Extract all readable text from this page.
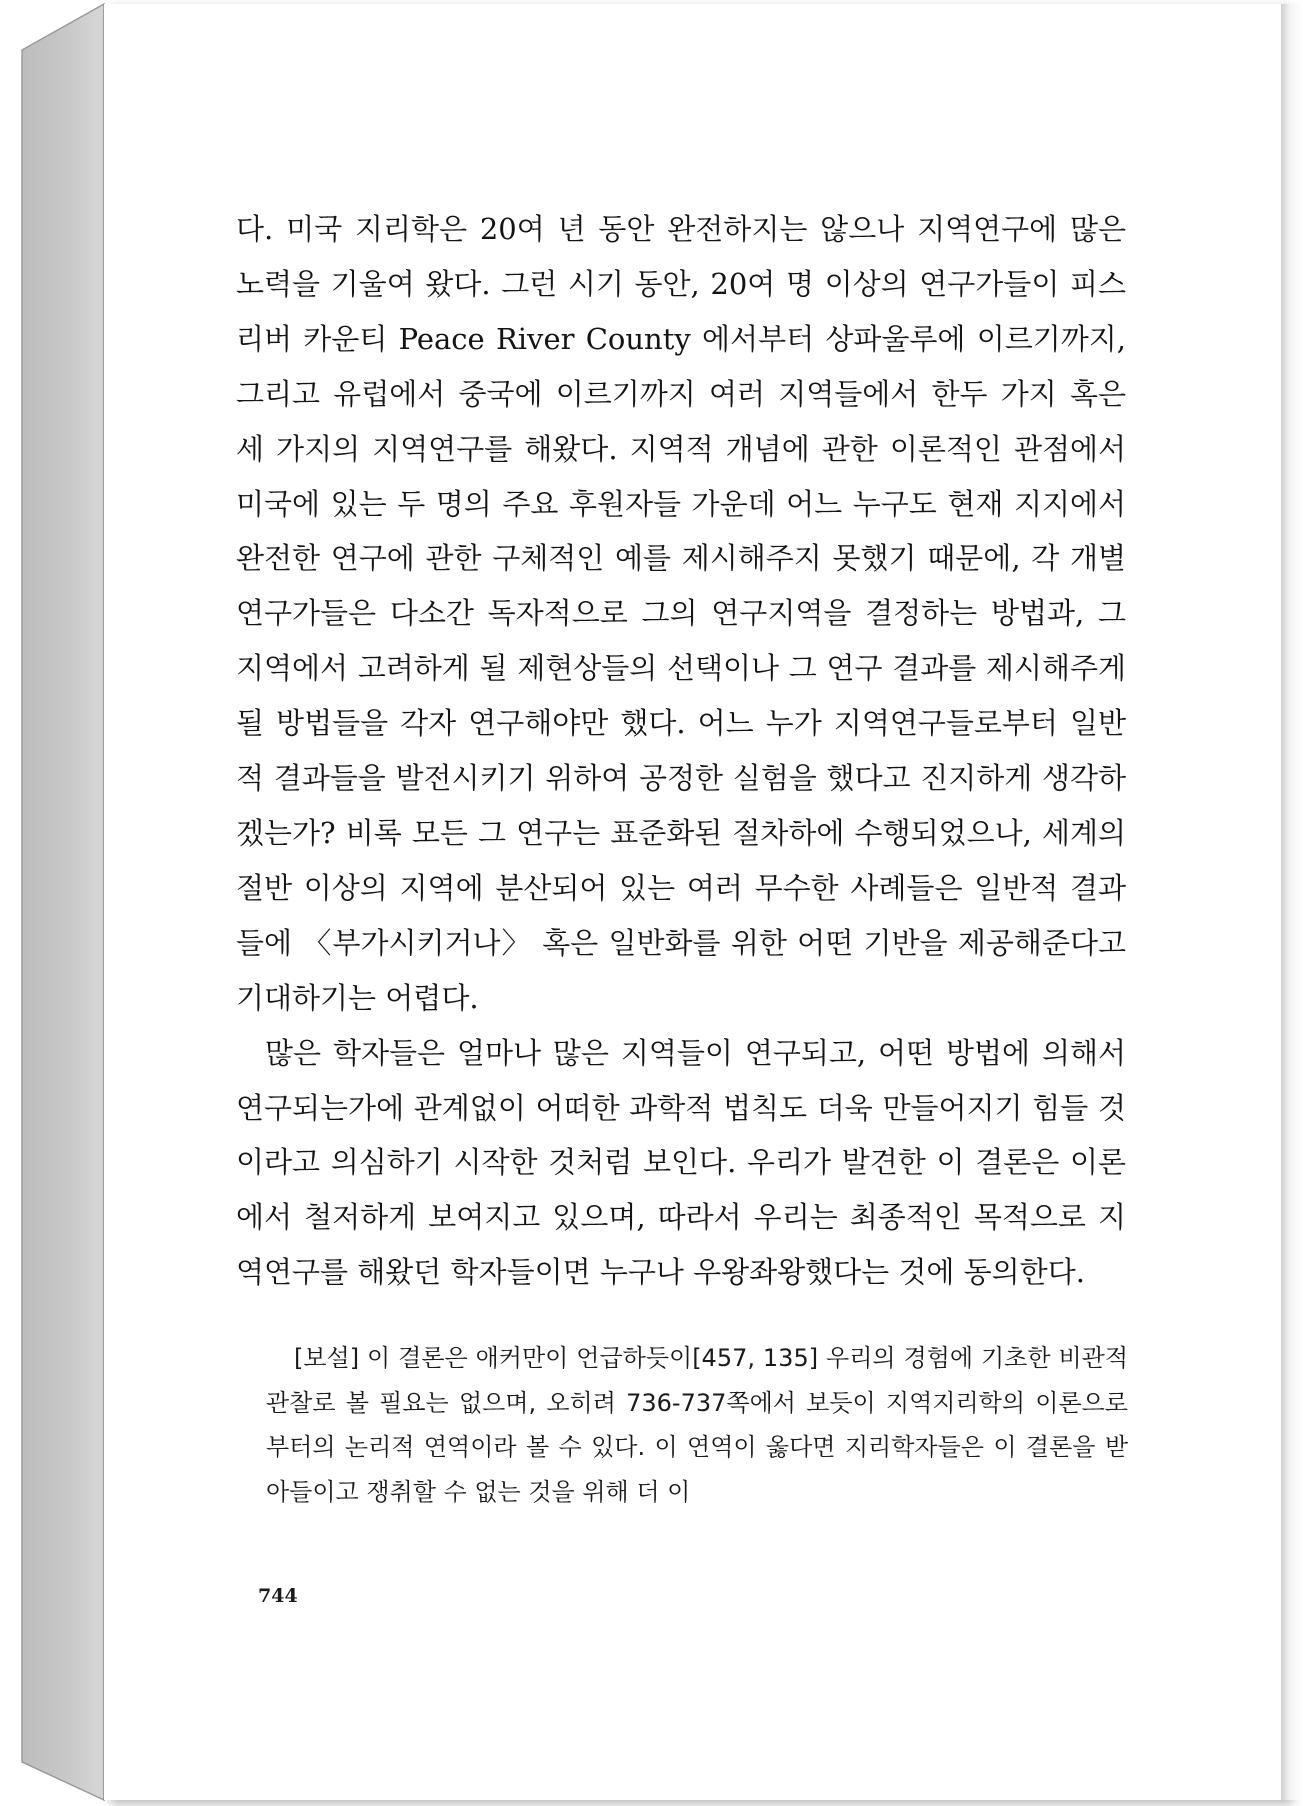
다. 미국 지리학은 20여 년 동안 완전하지는 않으나 지역연구에 많은 노력을 기울여 왔다. 그런 시기 동안, 20여 명 이상의 연구가들이 피스 리버 카운티 Peace River County 에서부터 상파울루에 이르기까지, 그리고 유럽에서 중국에 이르기까지 여러 지역들에서 한두 가지 혹은 세 가지의 지역연구를 해왔다. 지역적 개념에 관한 이론적인 관점에서 미국에 있는 두 명의 주요 후원자들 가운데 어느 누구도 현재 지지에서 완전한 연구에 관한 구체적인 예를 제시해주지 못했기 때문에, 각 개별 연구가들은 다소간 독자적으로 그의 연구지역을 결정하는 방법과, 그 지역에서 고려하게 될 제현상들의 선택이나 그 연구 결과를 제시해주게 될 방법들을 각자 연구해야만 했다. 어느 누가 지역연구들로부터 일반적 결과들을 발전시키기 위하여 공정한 실험을 했다고 진지하게 생각하겠는가? 비록 모든 그 연구는 표준화된 절차하에 수행되었으나, 세계의 절반 이상의 지역에 분산되어 있는 여러 무수한 사례들은 일반적 결과들에 〈부가시키거나〉 혹은 일반화를 위한 어떤 기반을 제공해준다고 기대하기는 어렵다.

많은 학자들은 얼마나 많은 지역들이 연구되고, 어떤 방법에 의해서 연구되는가에 관계없이 어떠한 과학적 법칙도 더욱 만들어지기 힘들 것이라고 의심하기 시작한 것처럼 보인다. 우리가 발견한 이 결론은 이론에서 철저하게 보여지고 있으며, 따라서 우리는 최종적인 목적으로 지역연구를 해왔던 학자들이면 누구나 우왕좌왕했다는 것에 동의한다.

[보설] 이 결론은 애커만이 언급하듯이[457, 135] 우리의 경험에 기초한 비관적 관찰로 볼 필요는 없으며, 오히려 736-737쪽에서 보듯이 지역지리학의 이론으로부터의 논리적 연역이라 볼 수 있다. 이 연역이 옳다면 지리학자들은 이 결론을 받아들이고 쟁취할 수 없는 것을 위해 더 이

744
